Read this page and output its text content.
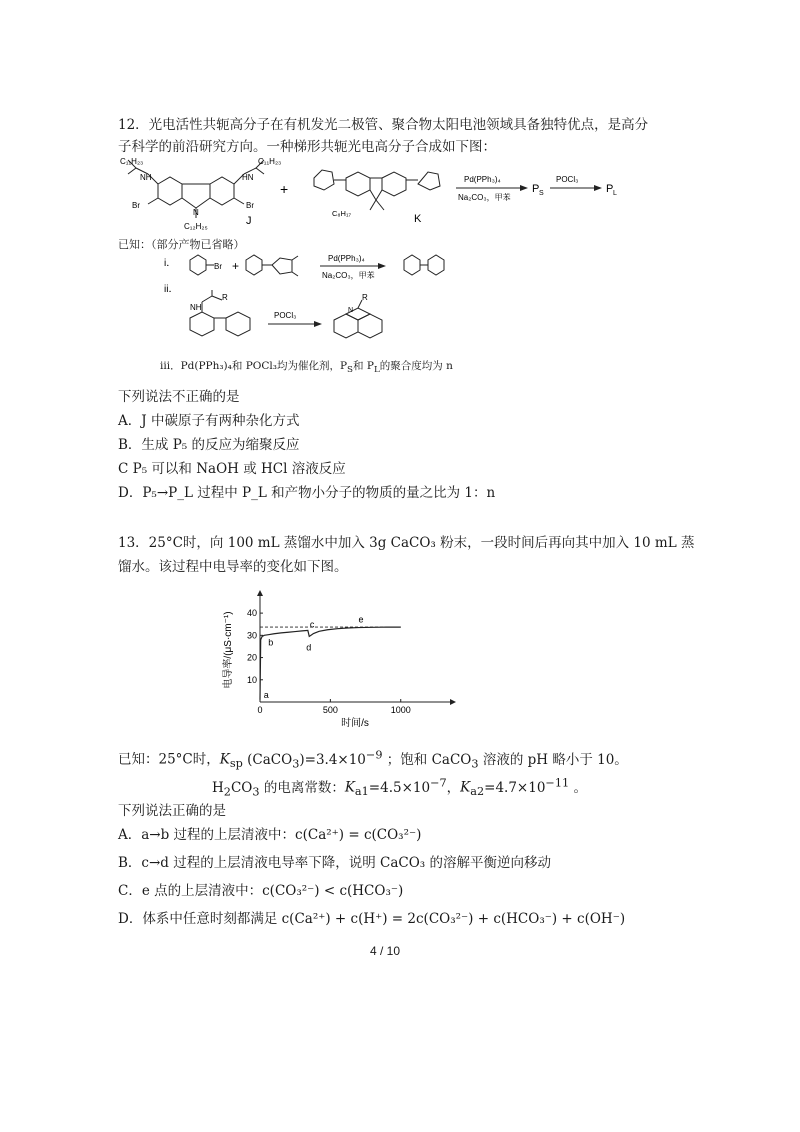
12．光电活性共轭高分子在有机发光二极管、聚合物太阳电池领域具备独特优点，是高分
子科学的前沿研究方向。一种梯形共轭光电高分子合成如下图：
C₁₁H₂₃	C₁₁H₂₃
NH	HN
Br	Br
N
C₁₂H₂₅	J
+
C₈H₁₇	K
Pd(PPh₃)₄
Na₂CO₃，甲苯
P S
POCl₃
P L
已知：（部分产物已省略）
i．	Br +
Pd(PPh₃)₄
Na₂CO₃，甲苯
ii．
R
NH
POCl₃
N
R
iii．Pd(PPh₃)₄和 POCl₃均为催化剂，$P_S$和 $P_L$的聚合度均为 n
下列说法不正确的是
A．J 中碳原子有两种杂化方式
B．生成 P₅ 的反应为缩聚反应
C P₅ 可以和 NaOH 或 HCl 溶液反应
D．P₅→P_L 过程中 P_L 和产物小分子的物质的量之比为 1：n
13．25°C时，向 100 mL 蒸馏水中加入 3g CaCO₃ 粉末，一段时间后再向其中加入 10 mL 蒸
馏水。该过程中电导率的变化如下图。
0	500	1000
10
20
30
40
a
b
c
d
e
电导率/(μS·cm⁻¹)
时间/s
已知：25°C时，$K_{sp}$ $(CaCO_3)=3.4\times 10^{-9}$ ；饱和 CaCO$_3$ 溶液的 pH 略小于 10。
$H_2CO_3$ 的电离常数：$K_{a1}=4.5\times 10^{-7}$，$K_{a2}=4.7\times 10^{-11}$ 。
下列说法正确的是
A．a→b 过程的上层清液中：c(Ca²⁺) = c(CO₃²⁻)
B．c→d 过程的上层清液电导率下降，说明 CaCO₃ 的溶解平衡逆向移动
C．e 点的上层清液中：c(CO₃²⁻) < c(HCO₃⁻)
D．体系中任意时刻都满足 c(Ca²⁺) + c(H⁺) = 2c(CO₃²⁻) + c(HCO₃⁻) + c(OH⁻)
4 / 10
